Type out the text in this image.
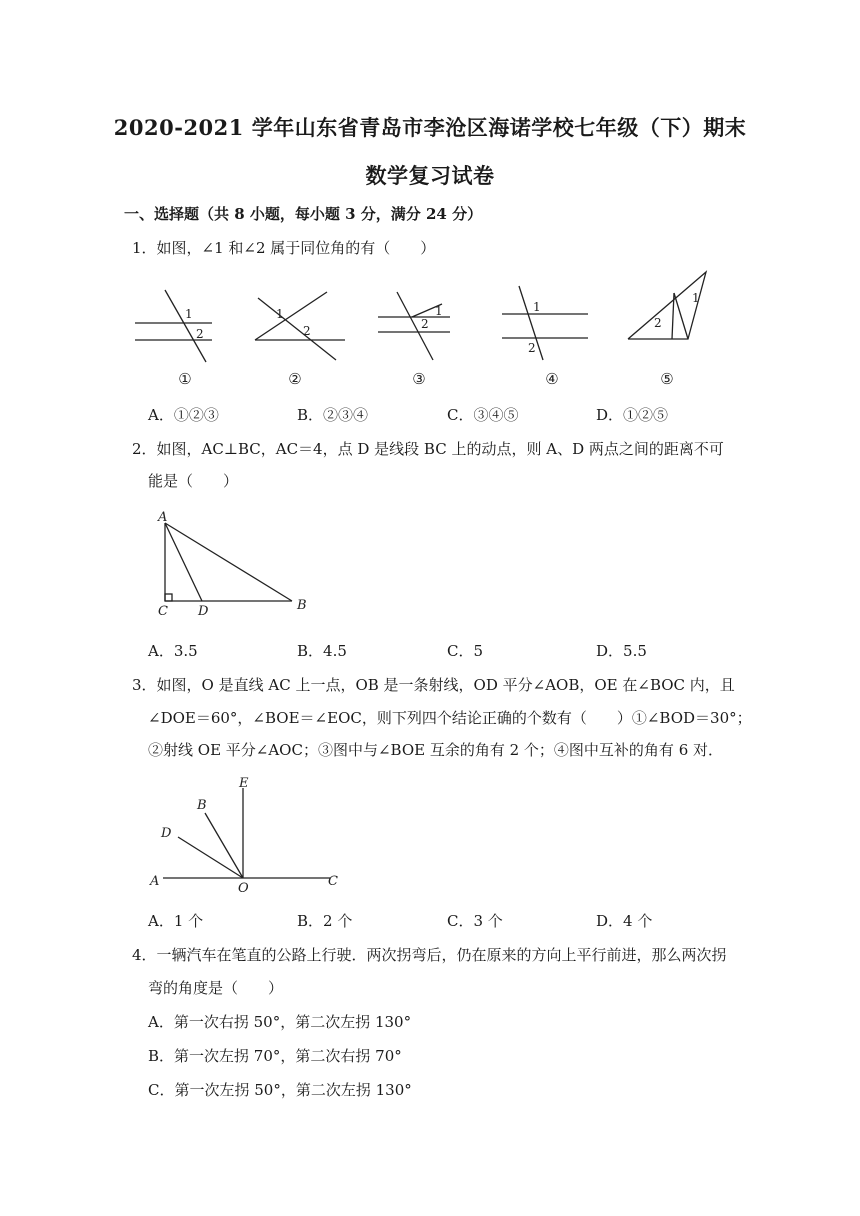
2020-2021 学年山东省青岛市李沧区海诺学校七年级（下）期末
数学复习试卷
一、选择题（共 8 小题，每小题 3 分，满分 24 分）
1．如图，∠1 和∠2 属于同位角的有（　　）
1
2
1
2
1
2
1
2
1
2
①	②	③	④	⑤
A．①②③	B．②③④	C．③④⑤	D．①②⑤
2．如图，AC⊥BC，AC＝4，点 D 是线段 BC 上的动点，则 A、D 两点之间的距离不可
能是（　　）
A
C D	B
A．3.5	B．4.5	C．5	D．5.5
3．如图，O 是直线 AC 上一点，OB 是一条射线，OD 平分∠AOB，OE 在∠BOC 内，且
∠DOE＝60°，∠BOE＝∠EOC，则下列四个结论正确的个数有（　　）①∠BOD＝30°；
②射线 OE 平分∠AOC；③图中与∠BOE 互余的角有 2 个；④图中互补的角有 6 对．
B
E
D
A	O	C
A．1 个	B．2 个	C．3 个	D．4 个
4．一辆汽车在笔直的公路上行驶．两次拐弯后，仍在原来的方向上平行前进，那么两次拐
弯的角度是（　　）
A．第一次右拐 50°，第二次左拐 130°
B．第一次左拐 70°，第二次右拐 70°
C．第一次左拐 50°，第二次左拐 130°
